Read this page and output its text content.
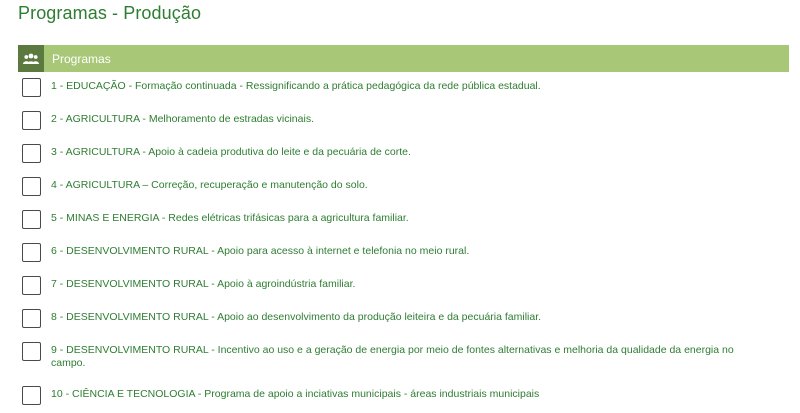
Programas - Produção
Programas
1 - EDUCAÇÃO - Formação continuada - Ressignificando a prática pedagógica da rede pública estadual.
2 - AGRICULTURA - Melhoramento de estradas vicinais.
3 - AGRICULTURA - Apoio à cadeia produtiva do leite e da pecuária de corte.
4 - AGRICULTURA – Correção, recuperação e manutenção do solo.
5 - MINAS E ENERGIA - Redes elétricas trifásicas para a agricultura familiar.
6 - DESENVOLVIMENTO RURAL - Apoio para acesso à internet e telefonia no meio rural.
7 - DESENVOLVIMENTO RURAL - Apoio à agroindústria familiar.
8 - DESENVOLVIMENTO RURAL - Apoio ao desenvolvimento da produção leiteira e da pecuária familiar.
9 - DESENVOLVIMENTO RURAL - Incentivo ao uso e a geração de energia por meio de fontes alternativas e melhoria da qualidade da energia no campo.
10 - CIÊNCIA E TECNOLOGIA - Programa de apoio a inciativas municipais - áreas industriais municipais
